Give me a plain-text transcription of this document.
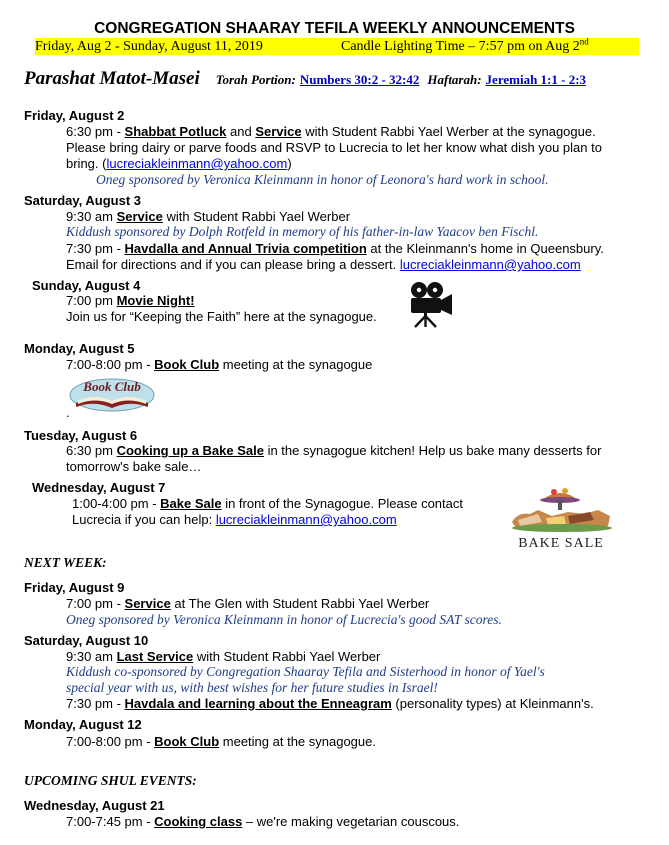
CONGREGATION SHAARAY TEFILA WEEKLY ANNOUNCEMENTS
Friday, Aug 2 - Sunday, August 11, 2019	Candle Lighting Time – 7:57 pm on Aug 2nd
Parashat Matot-Masei Torah Portion: Numbers 30:2 - 32:42 Haftarah: Jeremiah 1:1 - 2:3
Friday, August 2
6:30 pm - Shabbat Potluck and Service with Student Rabbi Yael Werber at the synagogue.
Please bring dairy or parve foods and RSVP to Lucrecia to let her know what dish you plan to
bring. (lucreciakleinmann@yahoo.com)
Oneg sponsored by Veronica Kleinmann in honor of Leonora's hard work in school.
Saturday, August 3
9:30 am Service with Student Rabbi Yael Werber
Kiddush sponsored by Dolph Rotfeld in memory of his father-in-law Yaacov ben Fischl.
7:30 pm - Havdalla and Annual Trivia competition at the Kleinmann's home in Queensbury.
Email for directions and if you can please bring a dessert. lucreciakleinmann@yahoo.com
Sunday, August 4
7:00 pm Movie Night!
Join us for “Keeping the Faith” here at the synagogue.
Monday, August 5
7:00-8:00 pm - Book Club meeting at the synagogue
Book Club
.
Tuesday, August 6
6:30 pm Cooking up a Bake Sale in the synagogue kitchen! Help us bake many desserts for
tomorrow's bake sale…
Wednesday, August 7
1:00-4:00 pm - Bake Sale in front of the Synagogue. Please contact
Lucrecia if you can help: lucreciakleinmann@yahoo.com
BAKE SALE
NEXT WEEK:
Friday, August 9
7:00 pm - Service at The Glen with Student Rabbi Yael Werber
Oneg sponsored by Veronica Kleinmann in honor of Lucrecia's good SAT scores.
Saturday, August 10
9:30 am Last Service with Student Rabbi Yael Werber
Kiddush co-sponsored by Congregation Shaaray Tefila and Sisterhood in honor of Yael's
special year with us, with best wishes for her future studies in Israel!
7:30 pm - Havdala and learning about the Enneagram (personality types) at Kleinmann's.
Monday, August 12
7:00-8:00 pm - Book Club meeting at the synagogue.
UPCOMING SHUL EVENTS:
Wednesday, August 21
7:00-7:45 pm - Cooking class – we're making vegetarian couscous.
